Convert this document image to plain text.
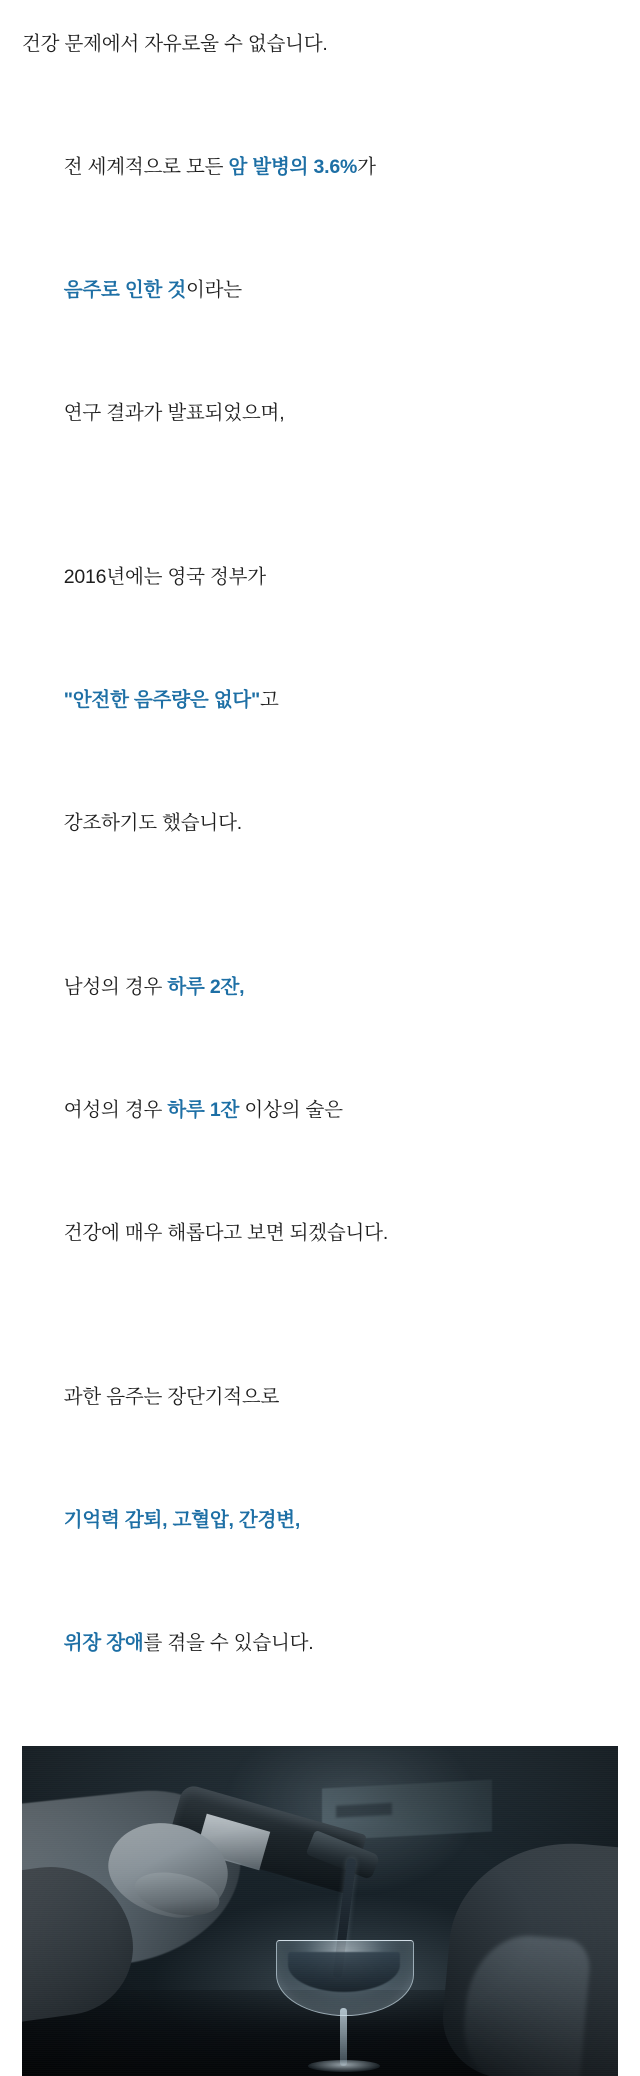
건강 문제에서 자유로울 수 없습니다.

전 세계적으로 모든 암 발병의 3.6%가

음주로 인한 것이라는

연구 결과가 발표되었으며,

2016년에는 영국 정부가

"안전한 음주량은 없다"고

강조하기도 했습니다.

남성의 경우 하루 2잔,

여성의 경우 하루 1잔 이상의 술은

건강에 매우 해롭다고 보면 되겠습니다.

과한 음주는 장단기적으로

기억력 감퇴, 고혈압, 간경변,

위장 장애를 겪을 수 있습니다.
